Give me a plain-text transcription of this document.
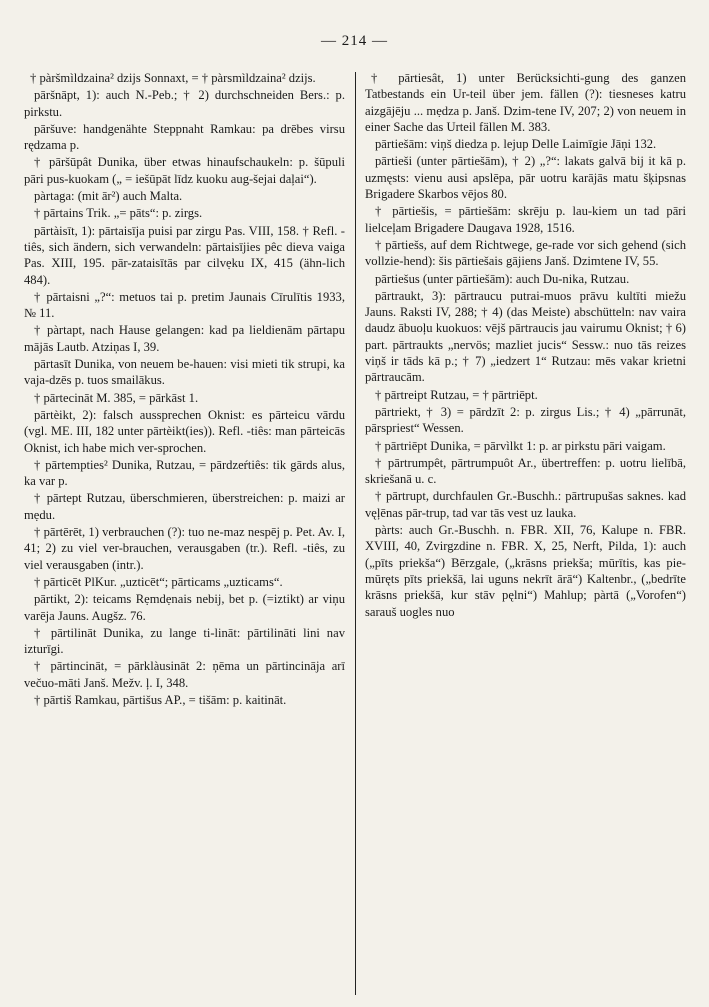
— 214 —

† pàršmìldzaina² dzijs Sonnaxt, = † pàrsmìldzaina² dzijs.

pāršnāpt, 1): auch N.-Peb.; † 2) durchschneiden Bers.: p. pirkstu.

pāršuve: handgenähte Steppnaht Ramkau: pa drēbes virsu rędzama p.

† pāršūpât Dunika, über etwas hinaufschaukeln: p. šūpuli pāri pus-kuokam („ = iešūpāt līdz kuoku aug-šejai daļai“).

pàrtaga: (mit ār²) auch Malta.

† pārtains Trik. „= pāts“: p. zirgs.

pārtàisīt, 1): pārtaisīja puisi par zirgu Pas. VIII, 158. † Refl. -tiês, sich ändern, sich verwandeln: pārtaisījies pêc dieva vaiga Pas. XIII, 195. pār-zataisītās par cilvẹku IX, 415 (ähn-lich 484).

† pārtaisni „?“: metuos tai p. pretim Jaunais Cīrulītis 1933, № 11.

† pàrtapt, nach Hause gelangen: kad pa lieldienām pārtapu mājās Lautb. Atziņas I, 39.

pārtasīt Dunika, von neuem be-hauen: visi mieti tik strupi, ka vaja-dzēs p. tuos smailākus.

† pārtecināt M. 385, = pārkāst 1.

pārtèikt, 2): falsch aussprechen Oknist: es pārteicu vārdu (vgl. ME. III, 182 unter pārtèikt(ies)). Refl. -tiês: man pārteicās Oknist, ich habe mich ver-sprochen.

† pārtempties² Dunika, Rutzau, = pārdzeŕtiês: tik gārds alus, ka var p.

† pārtept Rutzau, überschmieren, überstreichen: p. maizi ar mẹdu.

† pārtērēt, 1) verbrauchen (?): tuo ne-maz nespēj p. Pet. Av. I, 41; 2) zu viel ver-brauchen, verausgaben (tr.). Refl. -tiês, zu viel verausgaben (intr.).

† pārticēt PlKur. „uzticēt“; pārticams „uzticams“.

pārtikt, 2): teicams Rẹmdẹnais nebij, bet p. (=iztikt) ar viņu varēja Jauns. Augšz. 76.

† pārtilināt Dunika, zu lange ti-lināt: pārtilināti lini nav izturīgi.

† pārtincināt, = pārklàusināt 2: ņēma un pārtincināja arī večuo-māti Janš. Mežv. ļ. I, 348.

† pārtiš Ramkau, pārtišus AP., = tišām: p. kaitināt.

† pārtiesât, 1) unter Berücksichti-gung des ganzen Tatbestands ein Ur-teil über jem. fällen (?): tiesneses katru aizgājēju ... mẹdza p. Janš. Dzim-tene IV, 207; 2) von neuem in einer Sache das Urteil fällen M. 383.

pārtiešām: viņš diedza p. lejup Delle Laimīgie Jāņi 132.

pārtieši (unter pārtiešām), † 2) „?“: lakats galvā bij it kā p. uzmęsts: vienu ausi apslēpa, pār uotru karājās matu šķipsnas Brigadere Skarbos vējos 80.

† pārtiešis, = pārtiešām: skrēju p. lau-kiem un tad pāri lielceļam Brigadere Daugava 1928, 1516.

† pārtiešs, auf dem Richtwege, ge-rade vor sich gehend (sich vollzie-hend): šis pārtiešais gājiens Janš. Dzimtene IV, 55.

pārtiešus (unter pārtiešām): auch Du-nika, Rutzau.

pārtraukt, 3): pārtraucu putrai-muos prāvu kultīti miežu Jauns. Raksti IV, 288; † 4) (das Meiste) abschütteln: nav vaira daudz ābuoļu kuokuos: vējš pārtraucis jau vairumu Oknist; † 6) part. pārtraukts „nervös; mazliet jucis“ Sessw.: nuo tās reizes viņš ir tāds kā p.; † 7) „iedzert 1“ Rutzau: mēs vakar krietni pārtraucām.

† pārtreipt Rutzau, = † pārtriēpt.

pārtriekt, † 3) = pārdzīt 2: p. zirgus Lis.; † 4) „pārrunāt, pārspriest“ Wessen.

† pārtriēpt Dunika, = pārvìlkt 1: p. ar pirkstu pāri vaigam.

† pārtrumpêt, pārtrumpuôt Ar., übertreffen: p. uotru lielībā, skriešanā u. c.

† pārtrupt, durchfaulen Gr.-Buschh.: pārtrupušas saknes. kad vęļēnas pār-trup, tad var tās vest uz lauka.

pàrts: auch Gr.-Buschh. n. FBR. XII, 76, Kalupe n. FBR. XVIII, 40, Zvirgzdine n. FBR. X, 25, Nerft, Pilda, 1): auch („pīts priekša“) Bērzgale, („krāsns priekša; mūrītis, kas pie-mūręts pīts priekšā, lai uguns nekrīt ārā“) Kaltenbr., („bedrīte krāsns priekšā, kur stāv pęlni“) Mahlup; pàrtā („Vorofen“) sarauš uogles nuo
